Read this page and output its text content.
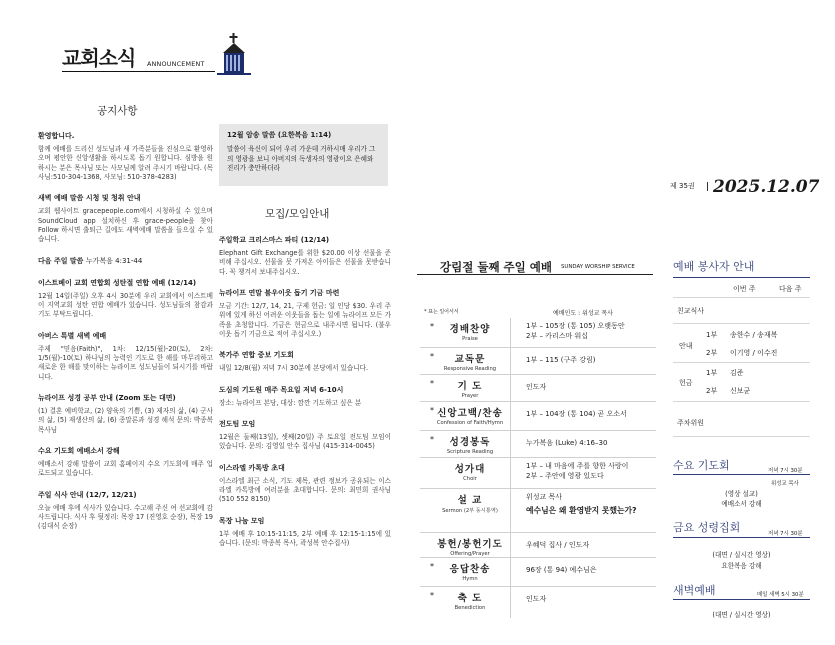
교회소식 ANNOUNCEMENT
공지사항
환영합니다.
함께 예배를 드리신 성도님과 새 가족분들을 진심으로 환영하오며 평안한 신앙생활을 하시도록 돕기 원합니다. 심방을 원하시는 분은 목사님 또는 사모님께 알려 주시기 바랍니다. (목사님:510-304-1368, 사모님: 510-378-4283)
새벽 예배 말씀 시청 및 청취 안내
교회 웹사이트 gracepeople.com에서 시청하실 수 있으며 SoundCloud app 설치하신 후 grace-people을 찾아 Follow 하시면 출퇴근 길에도 새벽예배 말씀을 들으실 수 있습니다.
다음 주일 말씀 누가복음 4:31-44
이스트베이 교회 연합회 성탄절 연합 예배 (12/14)
12월 14일(주일) 오후 4시 30분에 우리 교회에서 이스트베이 지역교회 성탄 연합 예배가 있습니다. 성도님들의 참감과 기도 부탁드립니다.
아버스 특별 새벽 예배
주제 "믿음(Faith)", 1차: 12/15(월)-20(토), 2차: 1/5(월)-10(토) 하나님의 능력인 기도로 한 해를 마무리하고 새로운 한 해를 맞이하는 뉴라이프 성도님들이 되시기를 바랍니다.
뉴라이프 성경 공부 안내 (Zoom 또는 대면)
(1) 결혼 예비학교, (2) 양육의 기쁨, (3) 제자의 삶, (4) 군사의 삶, (5) 재생산의 삶, (6) 종말론과 성경 해석 문의: 박종복 목사님
수요 기도회 예배소서 강해
예배소서 강해 말씀이 교회 홈페이지 수요 기도회에 매주 업로드되고 있습니다.
주일 식사 안내 (12/7, 12/21)
오늘 예배 후에 식사가 있습니다. 수고해 주신 여 선교회에 감사드립니다. 식사 후 뒷정리: 목장 17 (진영호 순장), 목장 19 (김대식 순장)
12월 암송 말씀 (요한복음 1:14)
말씀이 육신이 되어 우리 가운데 거하시매 우리가 그의 영광을 보니 아버지의 독생자의 영광이요 은혜와 진리가 충만하더라
모집/모임안내
주일학교 크리스마스 파티 (12/14)
Elephant Gift Exchange를 위한 $20.00 이상 선물을 준비해 주십시오. 선물을 못 가져온 아이들은 선물을 못받습니다. 꼭 챙겨서 보내주십시오.
뉴라이프 연말 불우이웃 돕기 기금 마련
모금 기간: 12/7, 14, 21, 구제 헌금: 일 인당 $30. 우리 주위에 있게 하신 어려운 이웃들을 돕는 일에 뉴라이프 모든 가족을 초청합니다. 기금은 현금으로 내주시면 됩니다. (불우이웃 돕기 기금으로 적어 주십시오.)
북가주 연합 중보 기도회
내일 12/8(월) 저녁 7시 30분에 본당에서 있습니다.
도심의 기도원 매주 목요일 저녁 6-10시
장소: 뉴라이프 본당, 대상: 깜깐 기도하고 싶은 분
전도팀 모임
12월은 둘째(13일), 셋째(20일) 주 토요일 전도팀 모임이 있습니다. 문의: 김영일 안수 집사님 (415-314-0045)
이스라엘 카톡방 초대
이스라엘 최근 소식, 기도 제목, 관련 정보가 공유되는 이스라엘 카톡방에 여러분을 초대합니다. 문의: 최민희 권사님(510 552 8150)
목장 나눔 모임
1부 예배 후 10:15-11:15, 2부 예배 후 12:15-1:15에 있습니다. (문의: 박종복 목사, 곽성복 안수집사)
제 35권 2025.12.07
강림절 둘째 주일 예배 SUNDAY WORSHIP SERVICE
* 표는 일어서서	예배인도 : 위성교 목사
*	경배찬양
Praise
1부 – 105장 (통 105) 오랫동안
2부 – 카리스마 워십
*	교독문
Responsive Reading
1부 – 115 (구주 강림)
*	기 도
Prayer
인도자
* 신앙고백/찬송
Confession of Faith/Hymn
1부 – 104장 (통 104) 곧 오소서
*	성경봉독
Scripture Reading
누가복음 (Luke) 4:16–30
성가대
Choir
1부 – 내 마음에 주를 향한 사랑이
2부 – 주안에 영광 있도다
설 교
Sermon (2부 동시통역)
위성교 목사
예수님은 왜 환영받지 못했는가?
봉헌/봉헌기도
Offering/Prayer
우혜덕 집사 / 인도자
*	응답찬송
Hymn
96장 (통 94) 예수님은
*	축 도
Benediction
인도자
예배 봉사자 안내
이번 주	다음 주
친교식사
안내
1부 송한수 / 송재복
2부 이기영 / 이수진
헌금
1부 김준
2부 신보균
주차위원
수요 기도회	저녁 7시 30분
위성교 목사
(영상 설교)
예배소서 강해
금요 성령집회	저녁 7시 30분
(대면 / 실시간 영상)
요한복음 강해
새벽예배	매일 새벽 5시 30분
(대면 / 실시간 영상)
